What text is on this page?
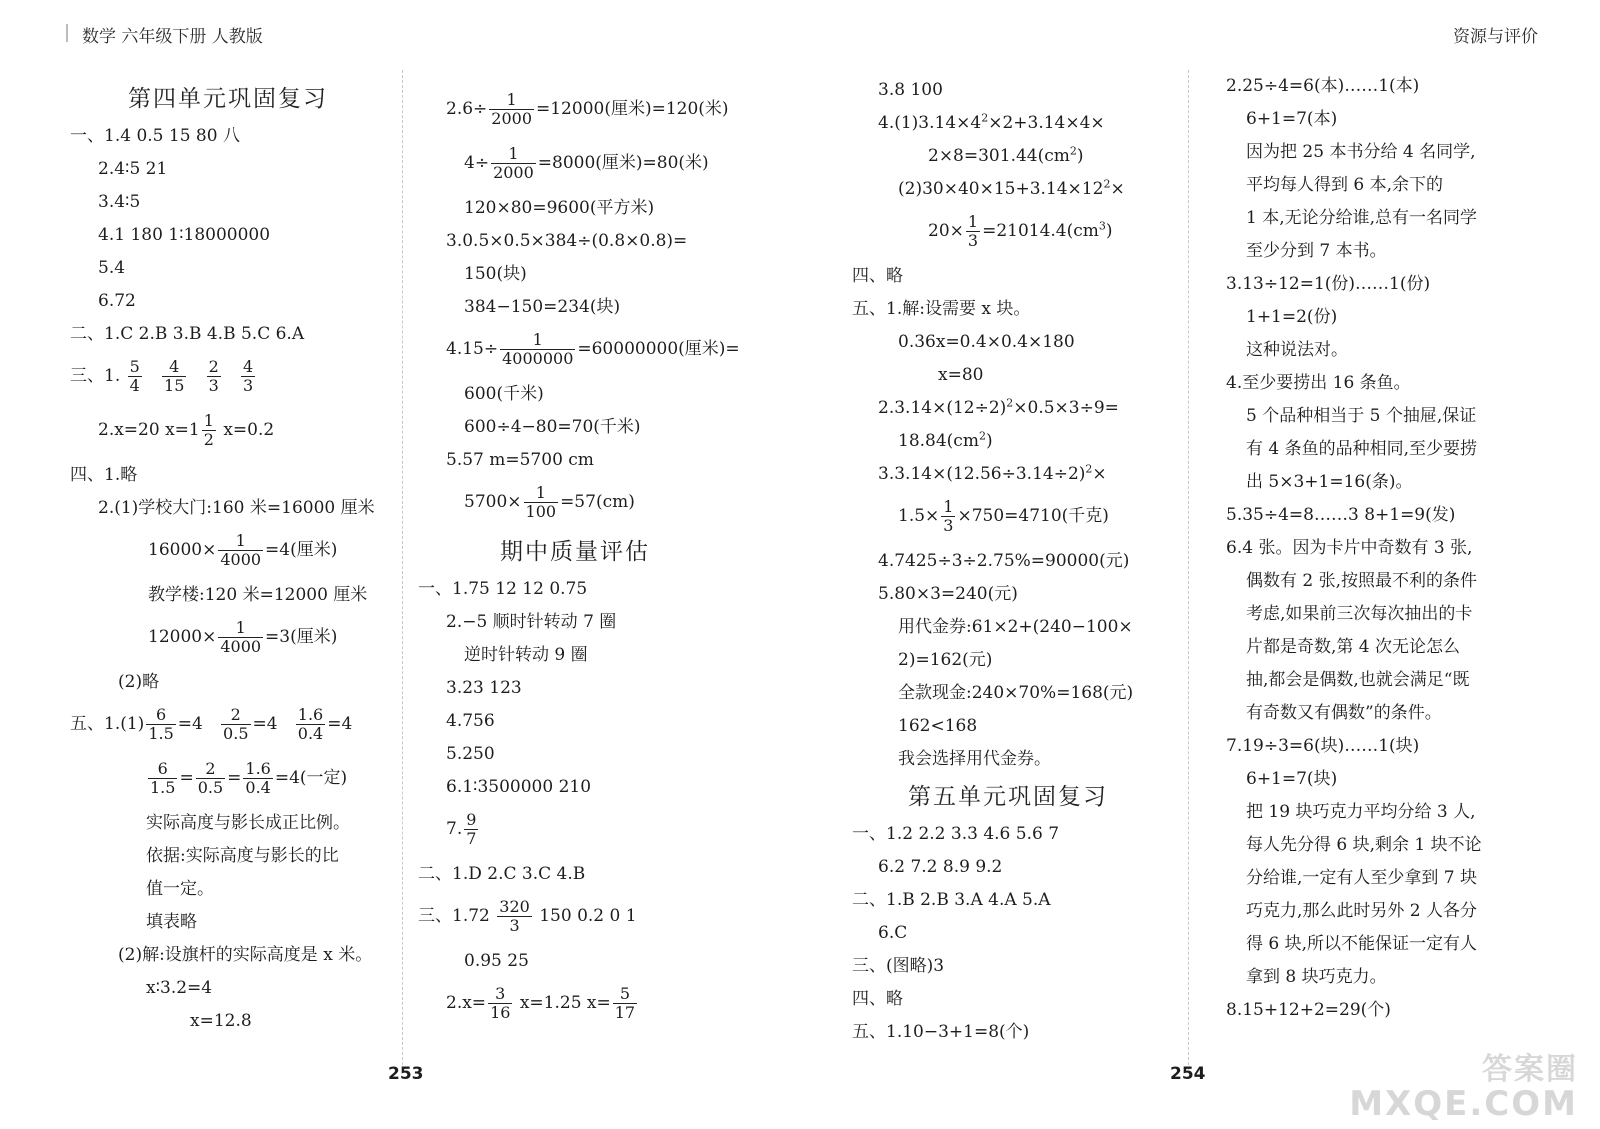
数学 六年级下册 人教版	资源与评价
第四单元巩固复习
一、1.4 0.5 15 80 八
2.4∶5 21
3.4∶5
4.1 180 1∶18000000
5.4
6.72
二、1.C 2.B 3.B 4.B 5.C 6.A
三、1. $\frac{5}{4}$
$\frac{4}{15}$
$\frac{2}{3}$
$\frac{4}{3}$
2.x=20 $x=1 \frac{1}{2} x=0.2$
四、1.略
2.(1)学校大门:160 米=16000 厘米
$16000\times \frac{1}{4000} =4$(厘米)
教学楼:120 米=12000 厘米
$12000\times \frac{1}{4000} =3$(厘米)
(2)略
五、$1.(1) \frac{6}{1.5} =4 \frac{2}{0.5} =4 \frac{1.6}{0.4} =4$
$\frac{6}{1.5} = \frac{2}{0.5} = \frac{1.6}{0.4} =4$(一定)
实际高度与影长成正比例。
依据:实际高度与影长的比
值一定。
填表略
(2)解:设旗杆的实际高度是 x 米。
x∶3.2=4
x=12.8
$2.6\div \frac{1}{2000} =12000$(厘米)=120(米)
$4\div \frac{1}{2000} =8000$(厘米)=80(米)
120×80=9600(平方米)
3.0.5×0.5×384÷(0.8×0.8)=
150(块)
384−150=234(块)
$4.15\div \frac{1}{4000000} =60000000$(厘米)=
600(千米)
600÷4−80=70(千米)
5.57 m=5700 cm
$5700\times \frac{1}{100} =57(cm)$
期中质量评估
一、1.75 12 12 0.75
2.−5 顺时针转动 7 圈
逆时针转动 9 圈
3.23 123
4.756
5.250
6.1∶3500000 210
7. $\frac{9}{7}$
二、1.D 2.C 3.C 4.B
三、$1.72 \frac{320}{3} 150$ 0.2 0 1
0.95 25
$2.x= \frac{3}{16} x=1.25$ $x= \frac{5}{17}$
3.8 100
$4.(1)3.14\times 4^2\times 2+3.14\times 4\times$
$2\times 8=301.44(cm^2)$
$(2)30\times 40\times 15+3.14\times 12^2\times$
$20\times \frac{1}{3} =21014.4(cm^3)$
四、略
五、1.解:设需要 x 块。
0.36x=0.4×0.4×180
x=80
$2.3.14\times(12\div 2)^2\times 0.5\times 3\div 9=$
$18.84(cm^2)$
$3.3.14\times(12.56\div 3.14\div 2)^2\times$
$1.5\times \frac{1}{3} \times 750=4710$(千克)
4.7425÷3÷2.75%=90000(元)
5.80×3=240(元)
用代金券:61×2+(240−100×
2)=162(元)
全款现金:240×70%=168(元)
162<168
我会选择用代金券。
第五单元巩固复习
一、1.2 2.2 3.3 4.6 5.6 7
6.2 7.2 8.9 9.2
二、1.B 2.B 3.A 4.A 5.A
6.C
三、(图略)3
四、略
五、1.10−3+1=8(个)
2.25÷4=6(本)……1(本)
6+1=7(本)
因为把 25 本书分给 4 名同学,
平均每人得到 6 本,余下的
1 本,无论分给谁,总有一名同学
至少分到 7 本书。
3.13÷12=1(份)……1(份)
1+1=2(份)
这种说法对。
4.至少要捞出 16 条鱼。
5 个品种相当于 5 个抽屉,保证
有 4 条鱼的品种相同,至少要捞
出 5×3+1=16(条)。
5.35÷4=8……3 8+1=9(发)
6.4 张。因为卡片中奇数有 3 张,
偶数有 2 张,按照最不利的条件
考虑,如果前三次每次抽出的卡
片都是奇数,第 4 次无论怎么
抽,都会是偶数,也就会满足“既
有奇数又有偶数”的条件。
7.19÷3=6(块)……1(块)
6+1=7(块)
把 19 块巧克力平均分给 3 人,
每人先分得 6 块,剩余 1 块不论
分给谁,一定有人至少拿到 7 块
巧克力,那么此时另外 2 人各分
得 6 块,所以不能保证一定有人
拿到 8 块巧克力。
8.15+12+2=29(个)
253	254	答案圈
MXQE.COM
